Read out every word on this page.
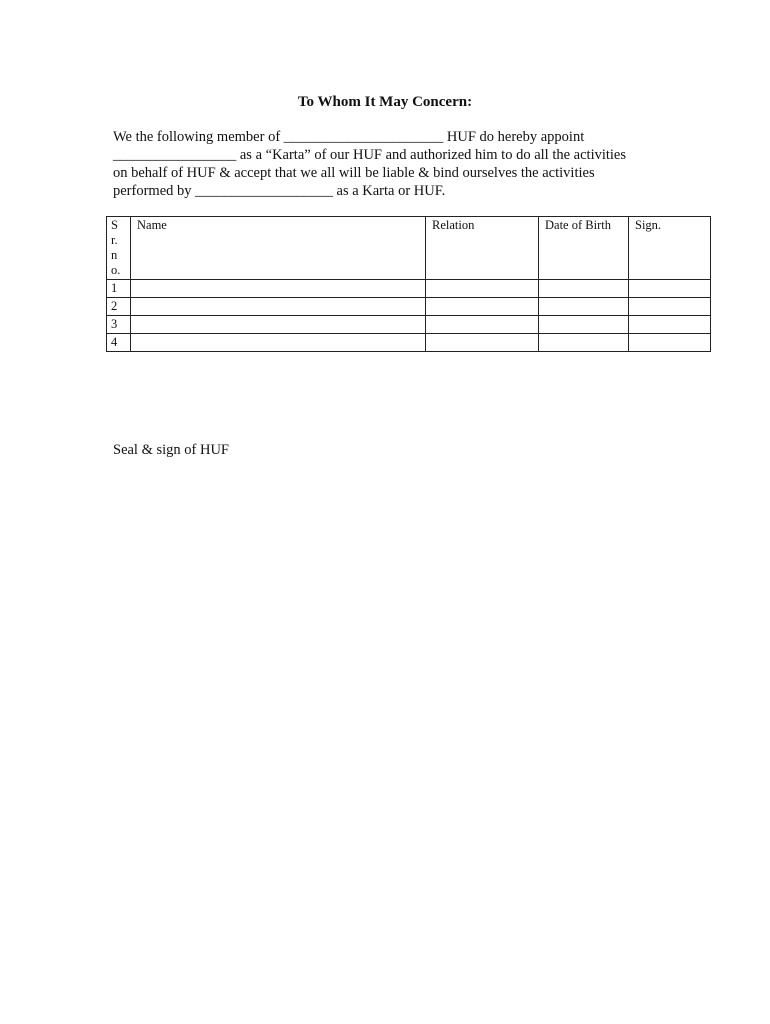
To Whom It May Concern:
We the following member of ______________________ HUF do hereby appoint
_________________ as a “Karta” of our HUF and authorized him to do all the activities
on behalf of HUF & accept that we all will be liable & bind ourselves the activities
performed by ___________________ as a Karta or HUF.
S
r.
n
o.	Name	Relation	Date of Birth	Sign.
1				
2				
3				
4				
Seal & sign of HUF
